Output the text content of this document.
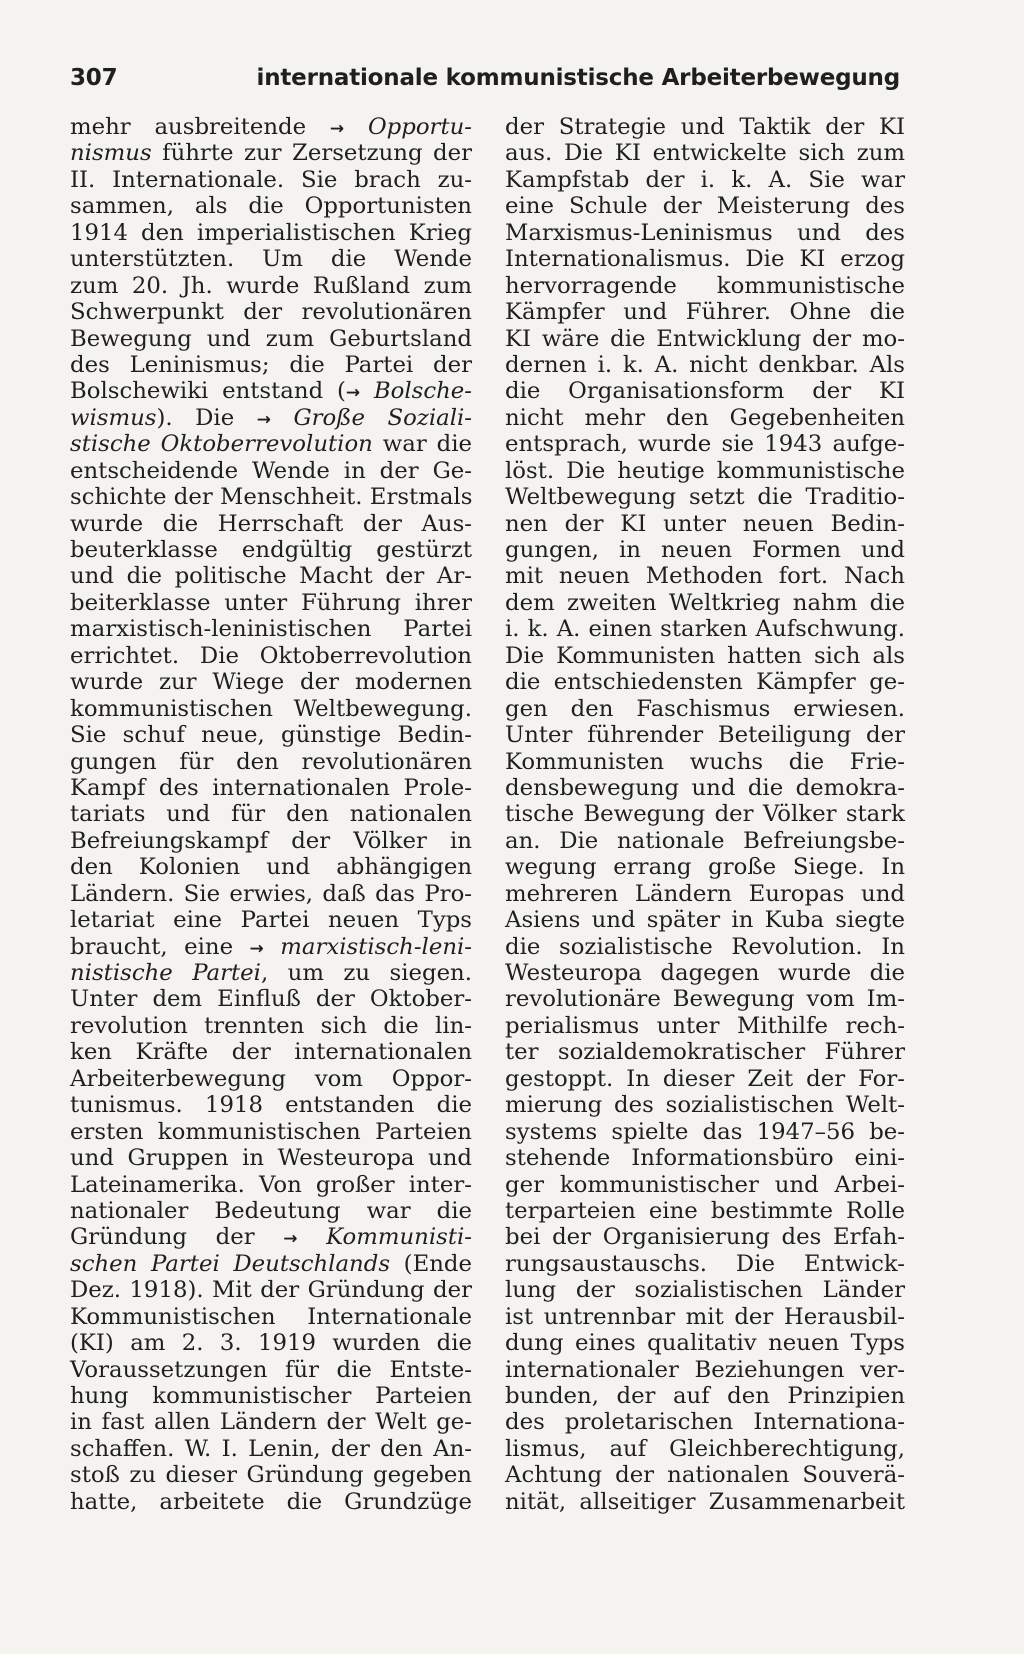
307	internationale kommunistische Arbeiterbewegung
mehr ausbreitende → Opportu-
nismus führte zur Zersetzung der
II. Internationale. Sie brach zu-
sammen, als die Opportunisten
1914 den imperialistischen Krieg
unterstützten. Um die Wende
zum 20. Jh. wurde Rußland zum
Schwerpunkt der revolutionären
Bewegung und zum Geburtsland
des Leninismus; die Partei der
Bolschewiki entstand (→ Bolsche-
wismus). Die → Große Soziali-
stische Oktoberrevolution war die
entscheidende Wende in der Ge-
schichte der Menschheit. Erstmals
wurde die Herrschaft der Aus-
beuterklasse endgültig gestürzt
und die politische Macht der Ar-
beiterklasse unter Führung ihrer
marxistisch-leninistischen Partei
errichtet. Die Oktoberrevolution
wurde zur Wiege der modernen
kommunistischen Weltbewegung.
Sie schuf neue, günstige Bedin-
gungen für den revolutionären
Kampf des internationalen Prole-
tariats und für den nationalen
Befreiungskampf der Völker in
den Kolonien und abhängigen
Ländern. Sie erwies, daß das Pro-
letariat eine Partei neuen Typs
braucht, eine → marxistisch-leni-
nistische Partei, um zu siegen.
Unter dem Einfluß der Oktober-
revolution trennten sich die lin-
ken Kräfte der internationalen
Arbeiterbewegung vom Oppor-
tunismus. 1918 entstanden die
ersten kommunistischen Parteien
und Gruppen in Westeuropa und
Lateinamerika. Von großer inter-
nationaler Bedeutung war die
Gründung der → Kommunisti-
schen Partei Deutschlands (Ende
Dez. 1918). Mit der Gründung der
Kommunistischen Internationale
(KI) am 2. 3. 1919 wurden die
Voraussetzungen für die Entste-
hung kommunistischer Parteien
in fast allen Ländern der Welt ge-
schaffen. W. I. Lenin, der den An-
stoß zu dieser Gründung gegeben
hatte, arbeitete die Grundzüge
der Strategie und Taktik der KI
aus. Die KI entwickelte sich zum
Kampfstab der i. k. A. Sie war
eine Schule der Meisterung des
Marxismus-Leninismus und des
Internationalismus. Die KI erzog
hervorragende kommunistische
Kämpfer und Führer. Ohne die
KI wäre die Entwicklung der mo-
dernen i. k. A. nicht denkbar. Als
die Organisationsform der KI
nicht mehr den Gegebenheiten
entsprach, wurde sie 1943 aufge-
löst. Die heutige kommunistische
Weltbewegung setzt die Traditio-
nen der KI unter neuen Bedin-
gungen, in neuen Formen und
mit neuen Methoden fort. Nach
dem zweiten Weltkrieg nahm die
i. k. A. einen starken Aufschwung.
Die Kommunisten hatten sich als
die entschiedensten Kämpfer ge-
gen den Faschismus erwiesen.
Unter führender Beteiligung der
Kommunisten wuchs die Frie-
densbewegung und die demokra-
tische Bewegung der Völker stark
an. Die nationale Befreiungsbe-
wegung errang große Siege. In
mehreren Ländern Europas und
Asiens und später in Kuba siegte
die sozialistische Revolution. In
Westeuropa dagegen wurde die
revolutionäre Bewegung vom Im-
perialismus unter Mithilfe rech-
ter sozialdemokratischer Führer
gestoppt. In dieser Zeit der For-
mierung des sozialistischen Welt-
systems spielte das 1947–56 be-
stehende Informationsbüro eini-
ger kommunistischer und Arbei-
terparteien eine bestimmte Rolle
bei der Organisierung des Erfah-
rungsaustauschs. Die Entwick-
lung der sozialistischen Länder
ist untrennbar mit der Herausbil-
dung eines qualitativ neuen Typs
internationaler Beziehungen ver-
bunden, der auf den Prinzipien
des proletarischen Internationa-
lismus, auf Gleichberechtigung,
Achtung der nationalen Souverä-
nität, allseitiger Zusammenarbeit
